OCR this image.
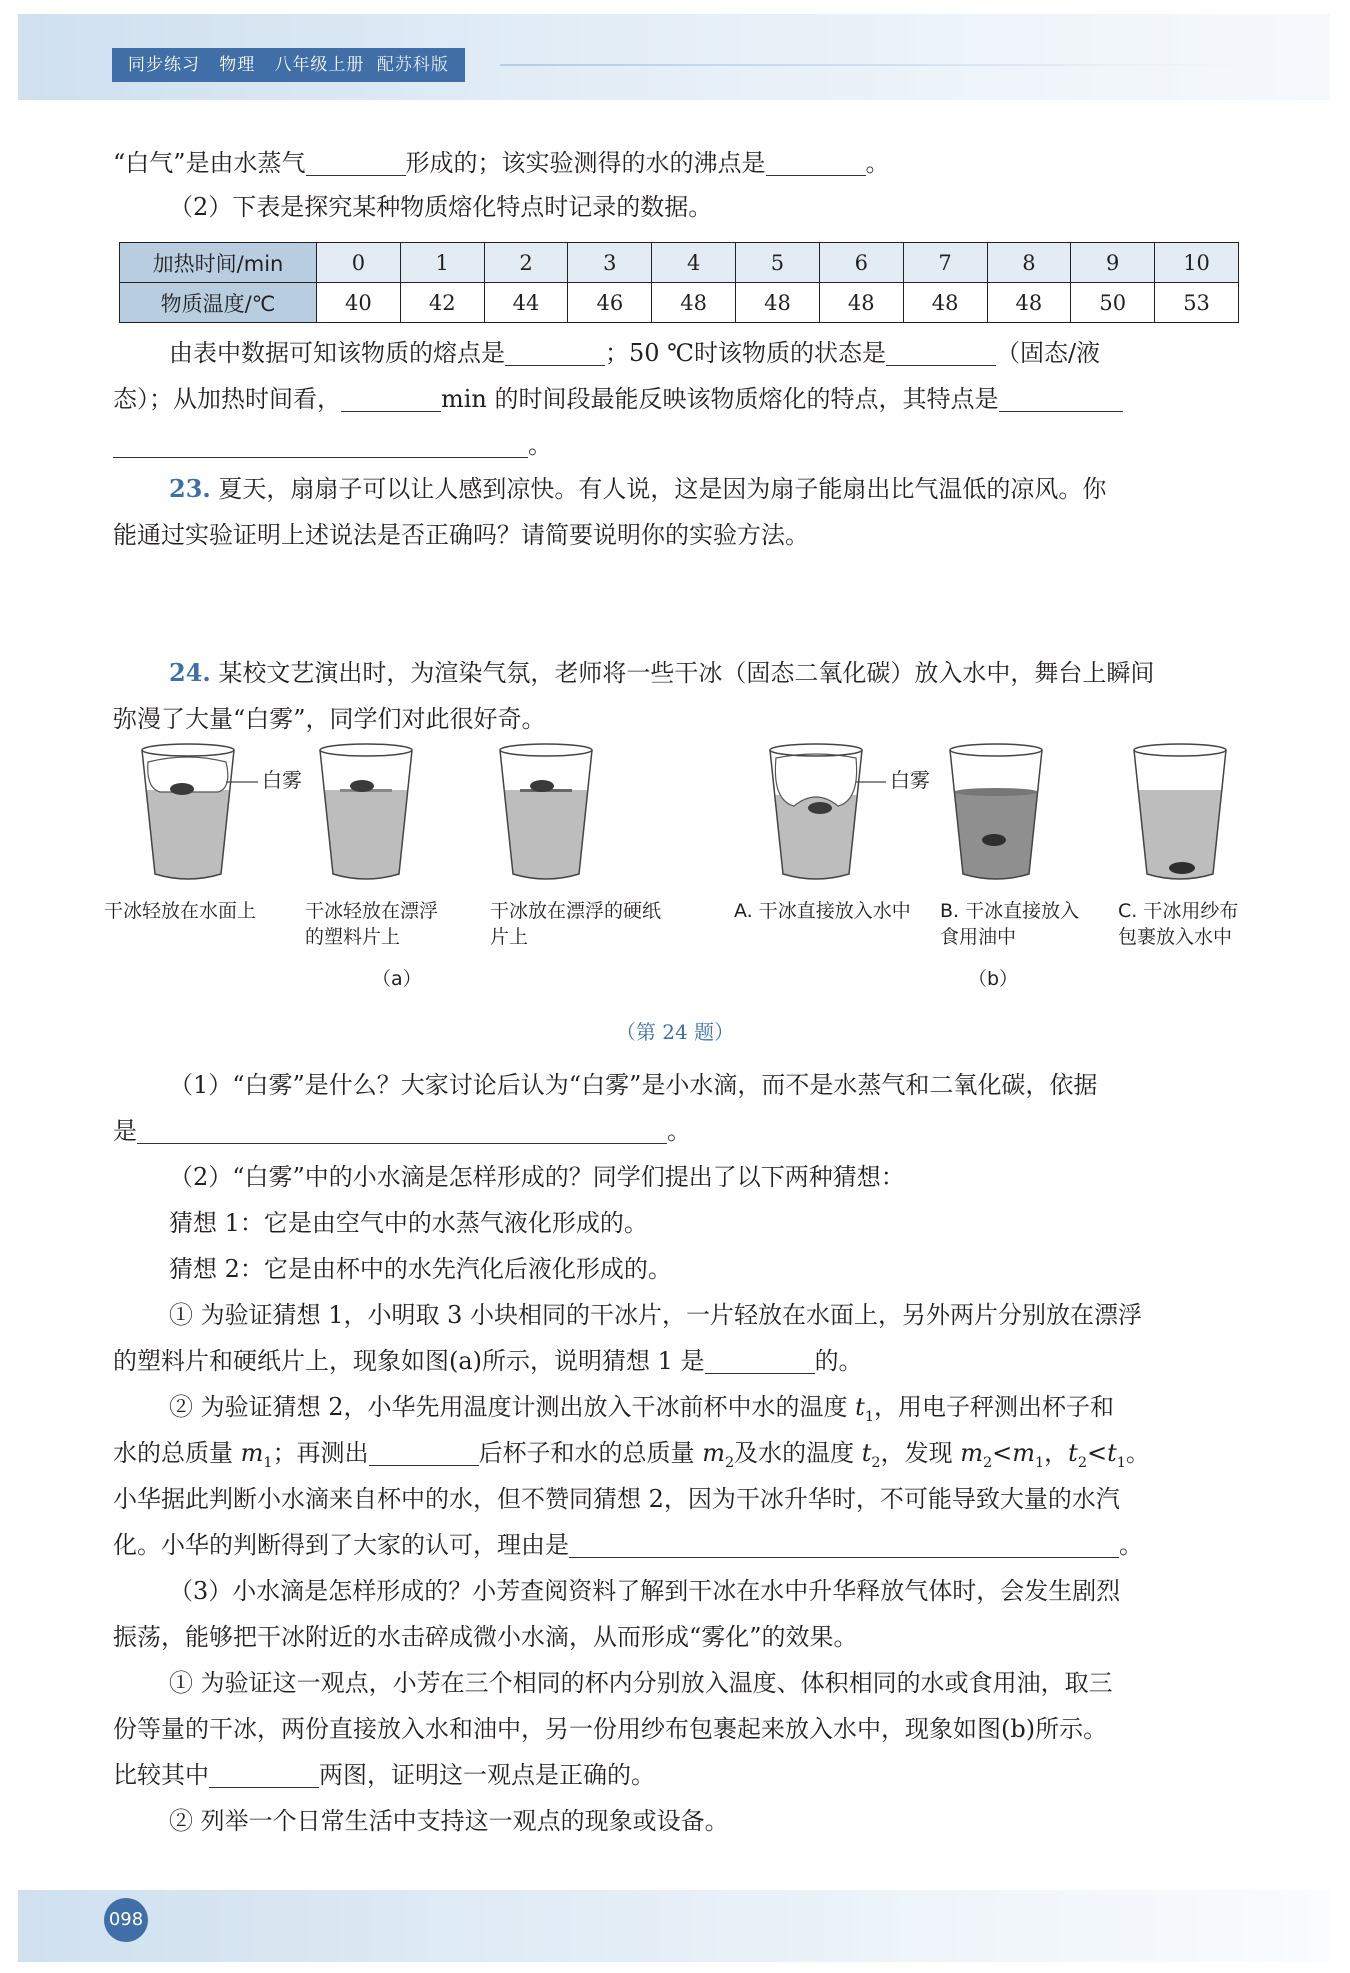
同步练习 物理 八年级上册 配苏科版
“白气”是由水蒸气	形成的；该实验测得的水的沸点是	。
（2）下表是探究某种物质熔化特点时记录的数据。
加热时间/min	0	1	2	3	4	5	6	7	8	9	10
物质温度/℃	40	42	44	46	48	48	48	48	48	50	53
由表中数据可知该物质的熔点是	；50 ℃时该物质的状态是	（固态/液
态）；从加热时间看，	min 的时间段最能反映该物质熔化的特点，其特点是
。
23. 夏天，扇扇子可以让人感到凉快。有人说，这是因为扇子能扇出比气温低的凉风。你
能通过实验证明上述说法是否正确吗？请简要说明你的实验方法。
24. 某校文艺演出时，为渲染气氛，老师将一些干冰（固态二氧化碳）放入水中，舞台上瞬间
弥漫了大量“白雾”，同学们对此很好奇。
白雾	白雾
干冰轻放在水面上	干冰轻放在漂浮
的塑料片上
干冰放在漂浮的硬纸
片上
A. 干冰直接放入水中 B. 干冰直接放入
食用油中
C. 干冰用纱布
包裹放入水中
（a）	（b）
（第 24 题）
（1）“白雾”是什么？大家讨论后认为“白雾”是小水滴，而不是水蒸气和二氧化碳，依据
是	。
（2）“白雾”中的小水滴是怎样形成的？同学们提出了以下两种猜想：
猜想 1：它是由空气中的水蒸气液化形成的。
猜想 2：它是由杯中的水先汽化后液化形成的。
① 为验证猜想 1，小明取 3 小块相同的干冰片，一片轻放在水面上，另外两片分别放在漂浮
的塑料片和硬纸片上，现象如图(a)所示，说明猜想 1 是	的。
② 为验证猜想 2，小华先用温度计测出放入干冰前杯中水的温度 $t_1$，用电子秤测出杯子和
水的总质量 $m_1$；再测出	后杯子和水的总质量 $m_2$及水的温度 $t_2$，发现 $m_2<m_1$，$t_2<t_1$。
小华据此判断小水滴来自杯中的水，但不赞同猜想 2，因为干冰升华时，不可能导致大量的水汽
化。小华的判断得到了大家的认可，理由是	。
（3）小水滴是怎样形成的？小芳查阅资料了解到干冰在水中升华释放气体时，会发生剧烈
振荡，能够把干冰附近的水击碎成微小水滴，从而形成“雾化”的效果。
① 为验证这一观点，小芳在三个相同的杯内分别放入温度、体积相同的水或食用油，取三
份等量的干冰，两份直接放入水和油中，另一份用纱布包裹起来放入水中，现象如图(b)所示。
比较其中	两图，证明这一观点是正确的。
② 列举一个日常生活中支持这一观点的现象或设备。
098
